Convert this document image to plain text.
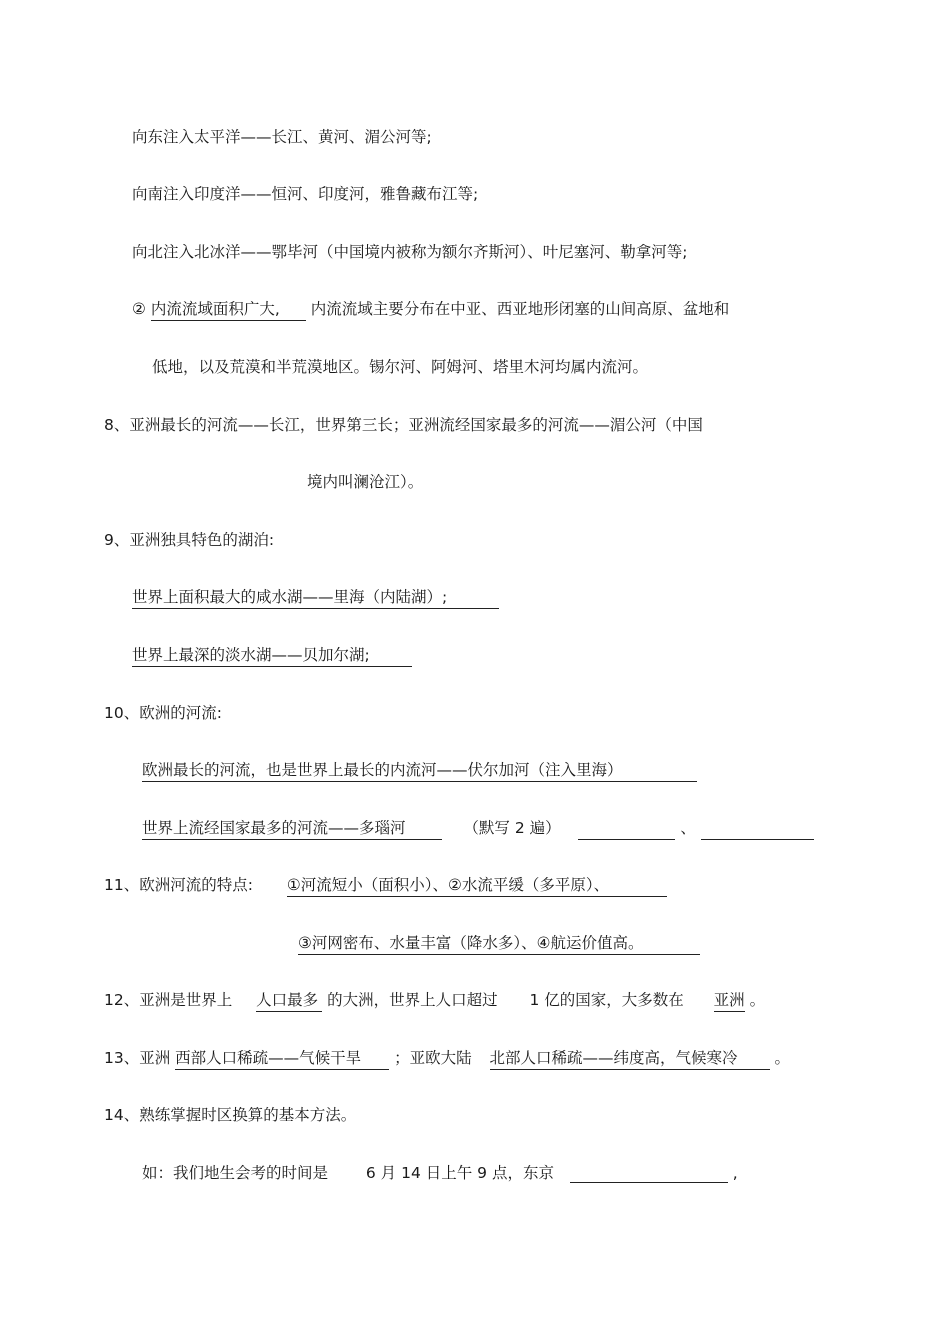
向东注入太平洋——长江、黄河、湄公河等;
向南注入印度洋——恒河、印度河，雅鲁藏布江等;
向北注入北冰洋——鄂毕河（中国境内被称为额尔齐斯河）、叶尼塞河、勒拿河等;
② 内流流域面积广大, 内流流域主要分布在中亚、西亚地形闭塞的山间高原、盆地和
低地，以及荒漠和半荒漠地区。锡尔河、阿姆河、塔里木河均属内流河。
8、亚洲最长的河流——长江，世界第三长；亚洲流经国家最多的河流——湄公河（中国
境内叫澜沧江）。
9、亚洲独具特色的湖泊:
世界上面积最大的咸水湖——里海（内陆湖）;
世界上最深的淡水湖——贝加尔湖;
10、欧洲的河流:
欧洲最长的河流，也是世界上最长的内流河——伏尔加河（注入里海）
世界上流经国家最多的河流——多瑙河	（默写 2 遍）	、
11、欧洲河流的特点: ①河流短小（面积小）、②水流平缓（多平原）、
③河网密布、水量丰富（降水多）、④航运价值高。
12、亚洲是世界上 人口最多 的大洲，世界上人口超过 1 亿的国家，大多数在 亚洲 。
13、亚洲 西部人口稀疏——气候干旱 ；亚欧大陆 北部人口稀疏——纬度高，气候寒冷 。
14、熟练掌握时区换算的基本方法。
如：我们地生会考的时间是 6 月 14 日上午 9 点，东京	,
